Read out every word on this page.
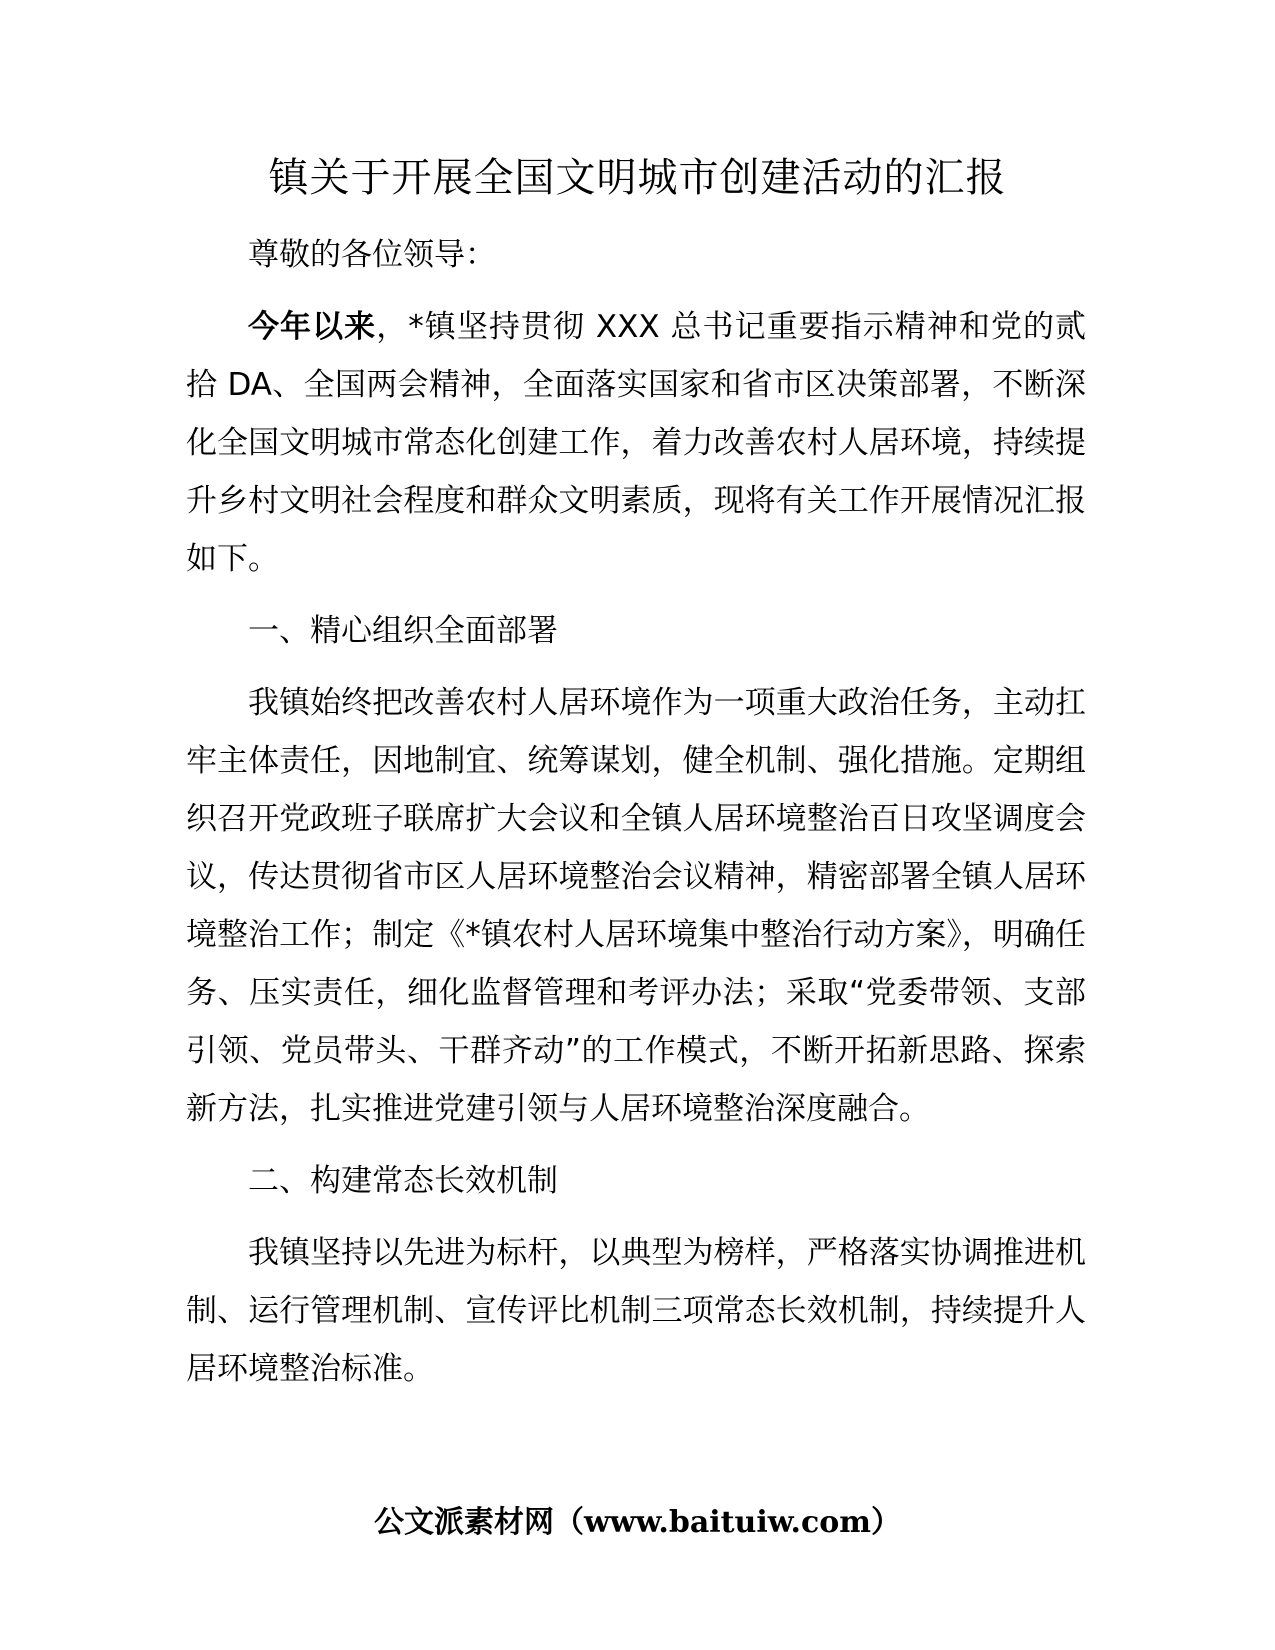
镇关于开展全国文明城市创建活动的汇报

尊敬的各位领导：

今年以来，*镇坚持贯彻 XXX 总书记重要指示精神和党的贰拾 DA、全国两会精神，全面落实国家和省市区决策部署，不断深化全国文明城市常态化创建工作，着力改善农村人居环境，持续提升乡村文明社会程度和群众文明素质，现将有关工作开展情况汇报如下。

一、精心组织全面部署

我镇始终把改善农村人居环境作为一项重大政治任务，主动扛牢主体责任，因地制宜、统筹谋划，健全机制、强化措施。定期组织召开党政班子联席扩大会议和全镇人居环境整治百日攻坚调度会议，传达贯彻省市区人居环境整治会议精神，精密部署全镇人居环境整治工作；制定《*镇农村人居环境集中整治行动方案》，明确任务、压实责任，细化监督管理和考评办法；采取“党委带领、支部引领、党员带头、干群齐动”的工作模式，不断开拓新思路、探索新方法，扎实推进党建引领与人居环境整治深度融合。

二、构建常态长效机制

我镇坚持以先进为标杆，以典型为榜样，严格落实协调推进机制、运行管理机制、宣传评比机制三项常态长效机制，持续提升人居环境整治标准。

公文派素材网（www.baituiw.com）
